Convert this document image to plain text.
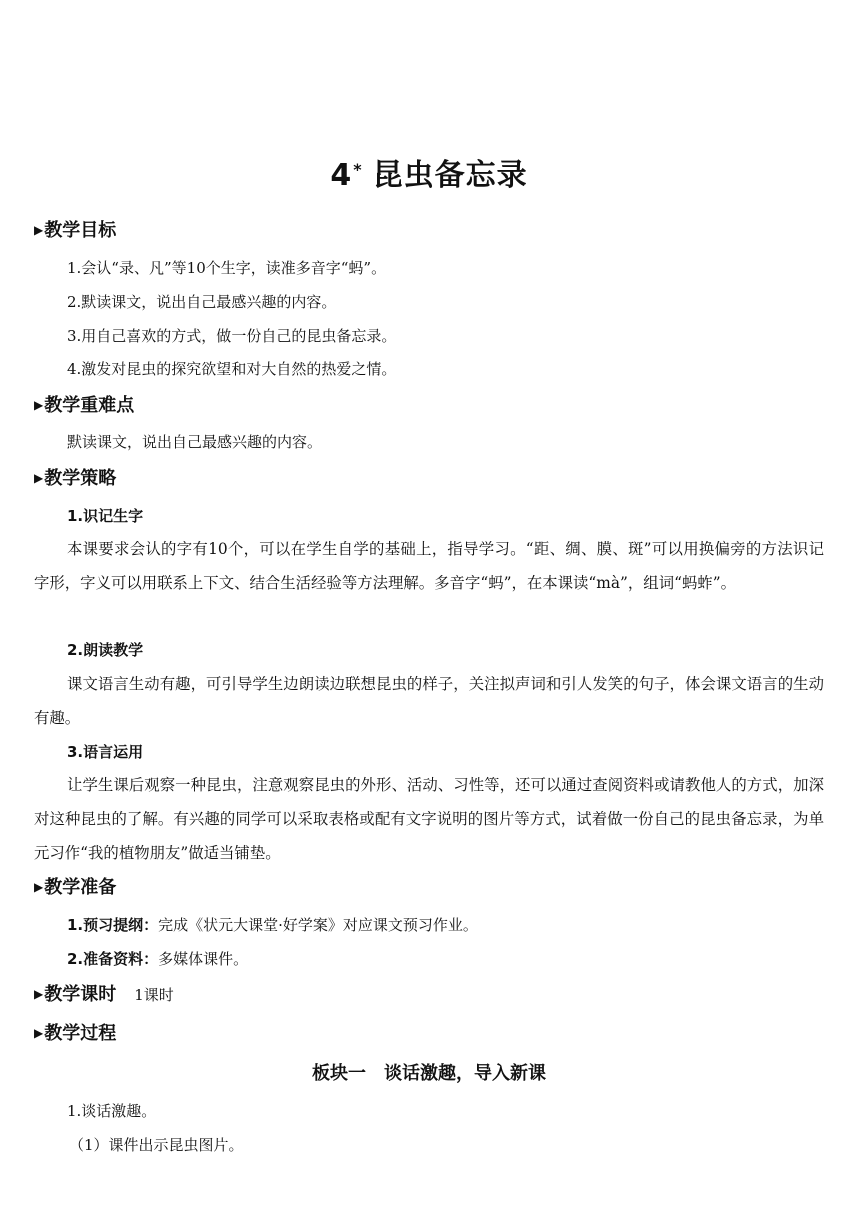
4* 昆虫备忘录
▶教学目标
1.会认“录、凡”等10个生字，读准多音字“蚂”。
2.默读课文，说出自己最感兴趣的内容。
3.用自己喜欢的方式，做一份自己的昆虫备忘录。
4.激发对昆虫的探究欲望和对大自然的热爱之情。
▶教学重难点
默读课文，说出自己最感兴趣的内容。
▶教学策略
1.识记生字
本课要求会认的字有10个，可以在学生自学的基础上，指导学习。“距、绸、膜、斑”可以用换偏旁的方法识记字形，字义可以用联系上下文、结合生活经验等方法理解。多音字“蚂”，在本课读“mà”，组词“蚂蚱”。
2.朗读教学
课文语言生动有趣，可引导学生边朗读边联想昆虫的样子，关注拟声词和引人发笑的句子，体会课文语言的生动有趣。
3.语言运用
让学生课后观察一种昆虫，注意观察昆虫的外形、活动、习性等，还可以通过查阅资料或请教他人的方式，加深对这种昆虫的了解。有兴趣的同学可以采取表格或配有文字说明的图片等方式，试着做一份自己的昆虫备忘录，为单元习作“我的植物朋友”做适当铺垫。
▶教学准备
1.预习提纲：完成《状元大课堂·好学案》对应课文预习作业。
2.准备资料：多媒体课件。
▶教学课时 1课时
▶教学过程
板块一　谈话激趣，导入新课
1.谈话激趣。
（1）课件出示昆虫图片。
